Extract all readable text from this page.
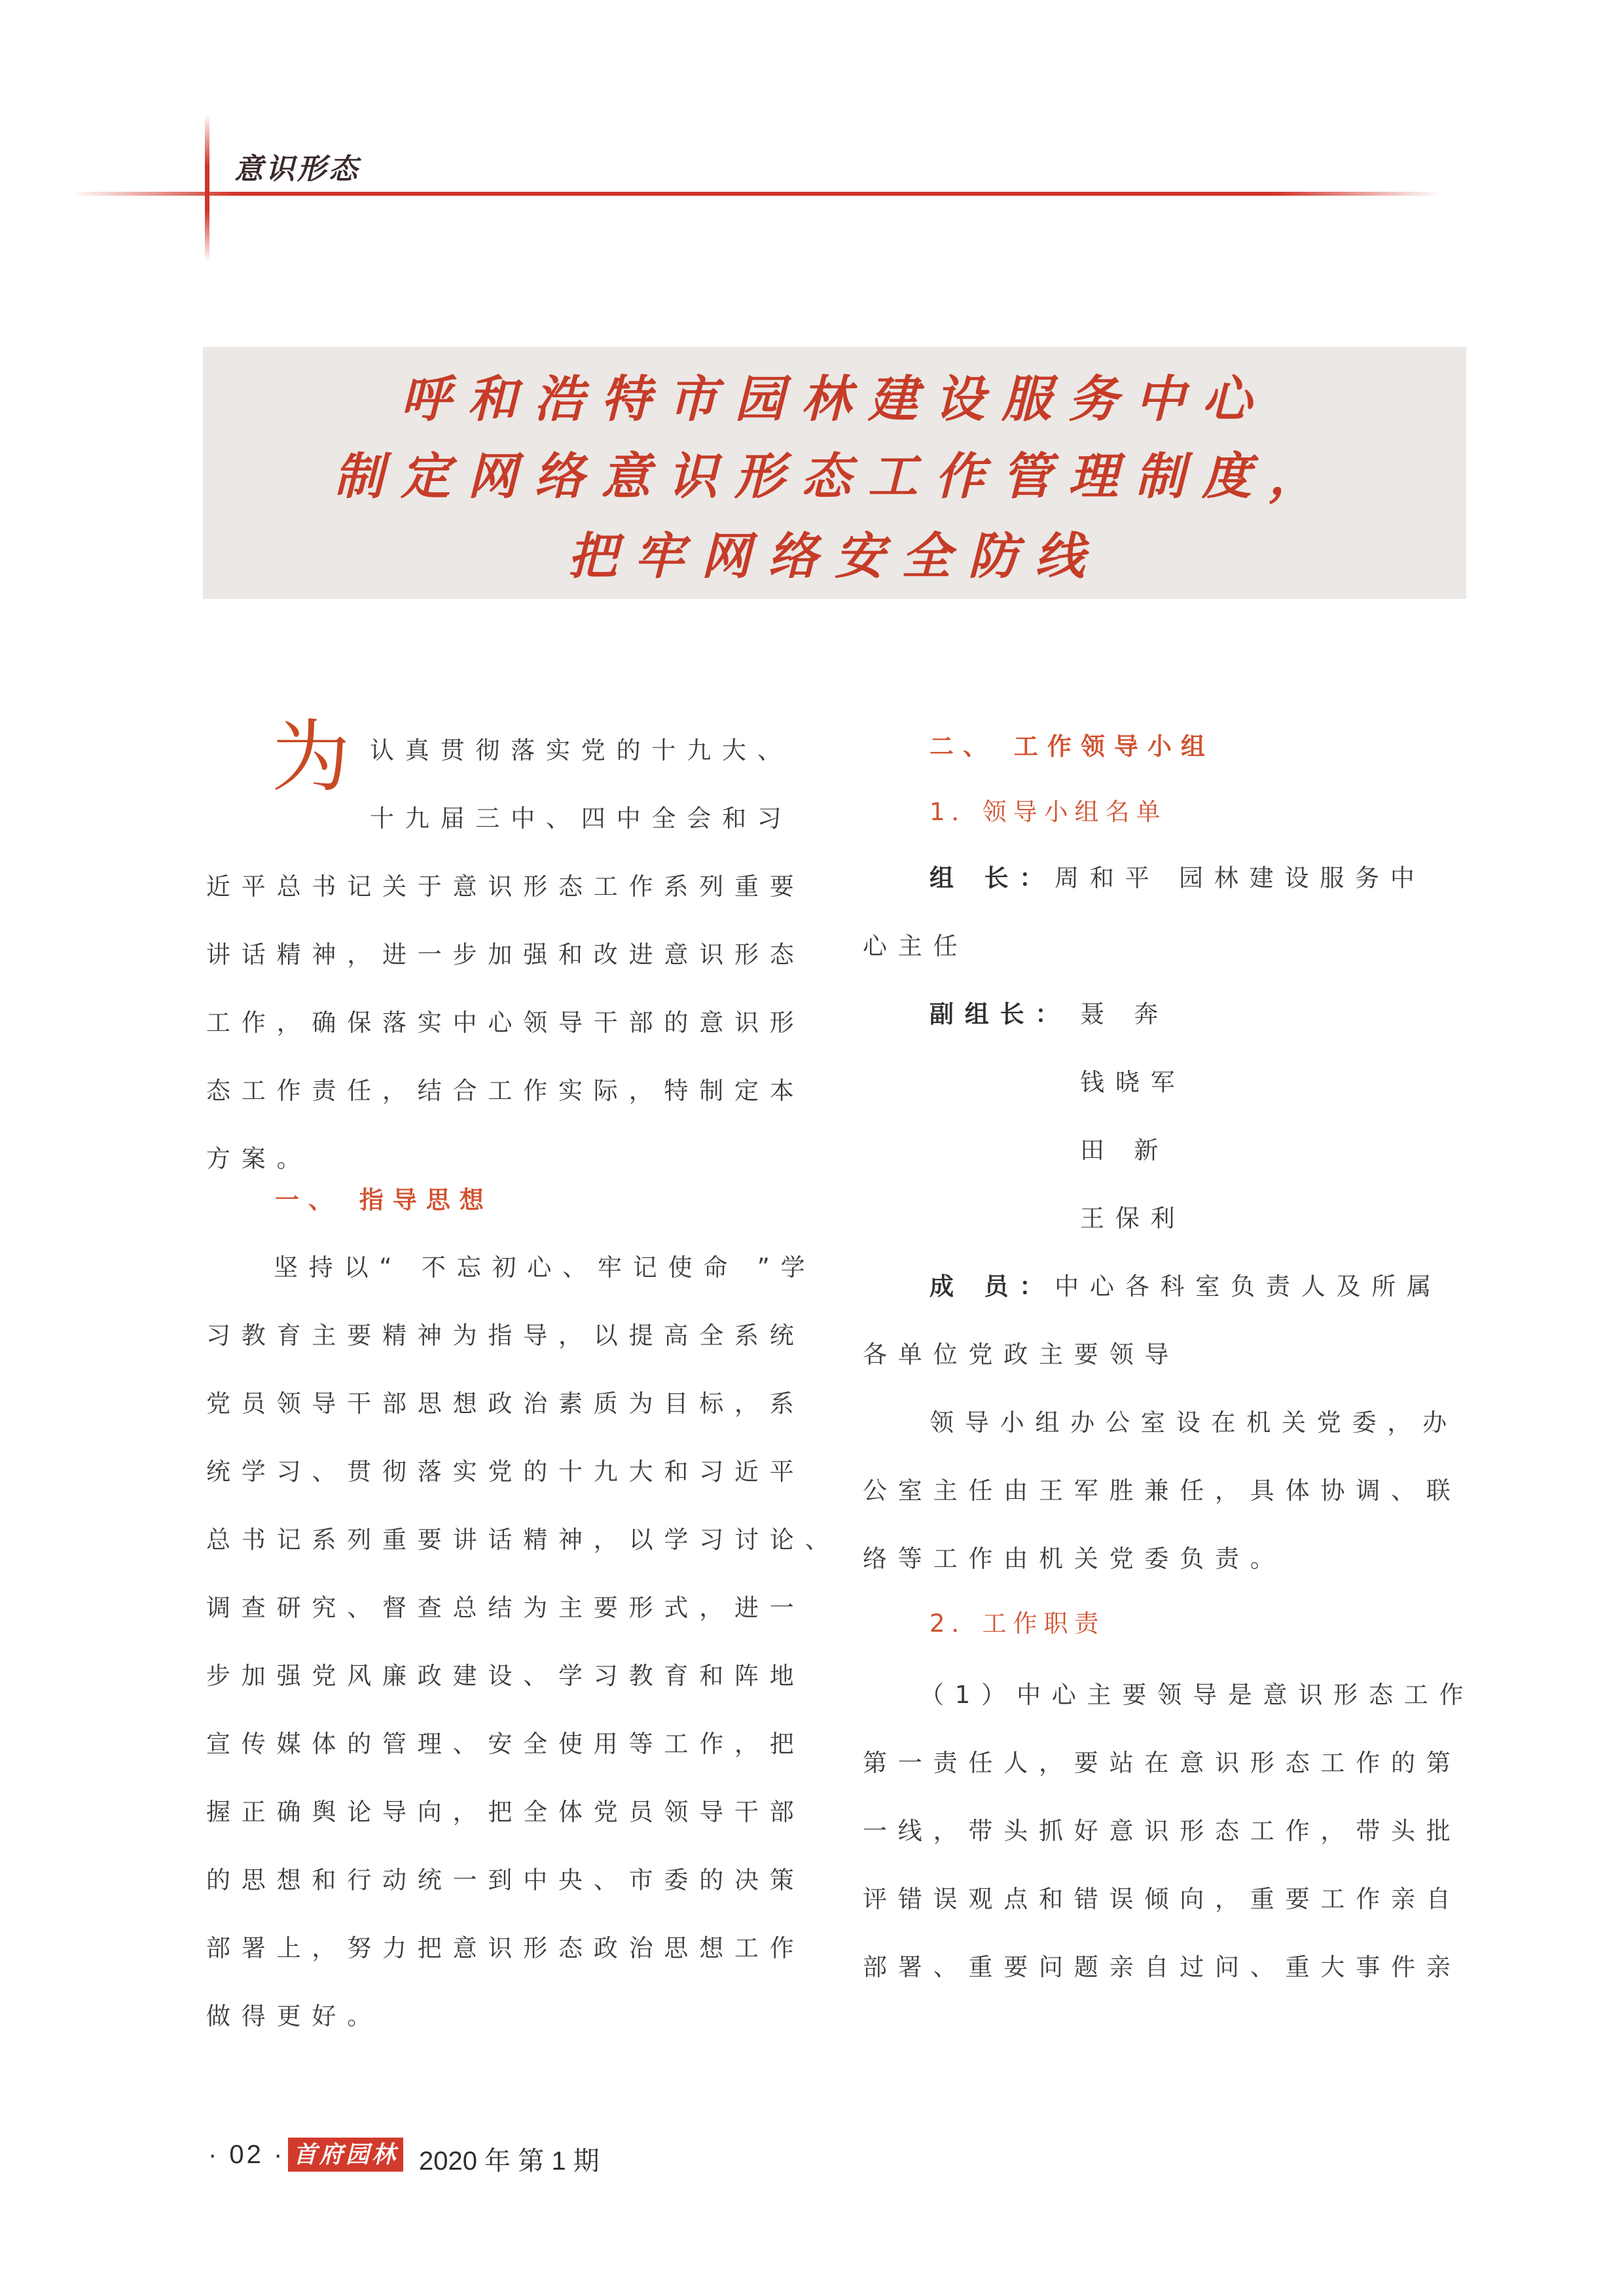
意识形态
呼和浩特市园林建设服务中心
制定网络意识形态工作管理制度，
把牢网络安全防线
为 认真贯彻落实党的十九大、

十九届三中、四中全会和习

近平总书记关于意识形态工作系列重要

讲话精神，进一步加强和改进意识形态

工作，确保落实中心领导干部的意识形

态工作责任，结合工作实际，特制定本

方案。

一、 指导思想

坚持以“ 不忘初心、牢记使命 ”学

习教育主要精神为指导，以提高全系统

党员领导干部思想政治素质为目标，系

统学习、贯彻落实党的十九大和习近平

总书记系列重要讲话精神，以学习讨论、

调查研究、督查总结为主要形式，进一

步加强党风廉政建设、学习教育和阵地

宣传媒体的管理、安全使用等工作，把

握正确舆论导向，把全体党员领导干部

的思想和行动统一到中央、市委的决策

部署上，努力把意识形态政治思想工作

做得更好。

二、 工作领导小组
1．领导小组名单

组 长：周和平 园林建设服务中

心主任

副组长： 聂 奔

钱晓军

田 新

王保利

成 员：中心各科室负责人及所属

各单位党政主要领导

领导小组办公室设在机关党委，办

公室主任由王军胜兼任，具体协调、联

络等工作由机关党委负责。

2．工作职责

（1）中心主要领导是意识形态工作

第一责任人，要站在意识形态工作的第

一线，带头抓好意识形态工作，带头批

评错误观点和错误倾向，重要工作亲自

部署、重要问题亲自过问、重大事件亲

· 02 · 首府园林 2020 年 第 1 期
